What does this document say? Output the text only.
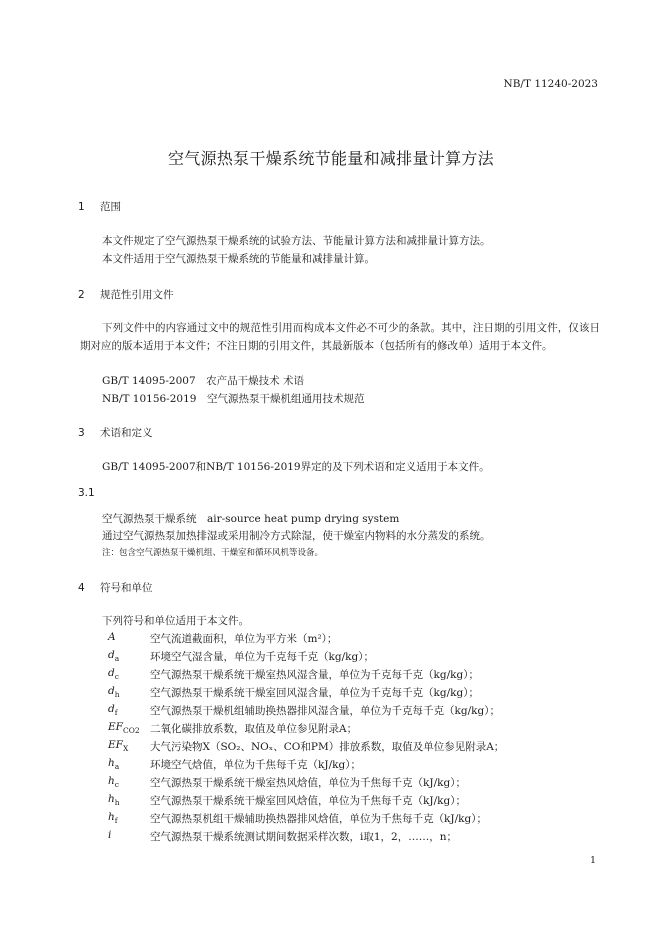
NB/T 11240-2023
空气源热泵干燥系统节能量和减排量计算方法
1 范围
本文件规定了空气源热泵干燥系统的试验方法、节能量计算方法和减排量计算方法。
本文件适用于空气源热泵干燥系统的节能量和减排量计算。
2 规范性引用文件
下列文件中的内容通过文中的规范性引用而构成本文件必不可少的条款。其中，注日期的引用文件，仅该日期对应的版本适用于本文件；不注日期的引用文件，其最新版本（包括所有的修改单）适用于本文件。
GB/T 14095-2007　农产品干燥技术 术语
NB/T 10156-2019　空气源热泵干燥机组通用技术规范
3 术语和定义
GB/T 14095-2007和NB/T 10156-2019界定的及下列术语和定义适用于本文件。
3.1
空气源热泵干燥系统　 air-source heat pump drying system
通过空气源热泵加热排湿或采用制冷方式除湿，使干燥室内物料的水分蒸发的系统。
注：包含空气源热泵干燥机组、干燥室和循环风机等设备。
4 符号和单位
下列符号和单位适用于本文件。
A	空气流道截面积，单位为平方米（m²）；
$d_a$	环境空气湿含量，单位为千克每千克（kg/kg）；
$d_c$	空气源热泵干燥系统干燥室热风湿含量，单位为千克每千克（kg/kg）；
$d_h$	空气源热泵干燥系统干燥室回风湿含量，单位为千克每千克（kg/kg）；
$d_f$	空气源热泵干燥机组辅助换热器排风湿含量，单位为千克每千克（kg/kg）；
$EF_{CO2}$ 二氧化碳排放系数，取值及单位参见附录A；
$EF_X$ 大气污染物X（SO₂、NOₓ、CO和PM）排放系数，取值及单位参见附录A；
$h_a$	环境空气焓值，单位为千焦每千克（kJ/kg）；
$h_c$	空气源热泵干燥系统干燥室热风焓值，单位为千焦每千克（kJ/kg）；
$h_h$	空气源热泵干燥系统干燥室回风焓值，单位为千焦每千克（kJ/kg）；
$h_f$	空气源热泵机组干燥辅助换热器排风焓值，单位为千焦每千克（kJ/kg）；
i	空气源热泵干燥系统测试期间数据采样次数，i取1，2，……，n；
1
